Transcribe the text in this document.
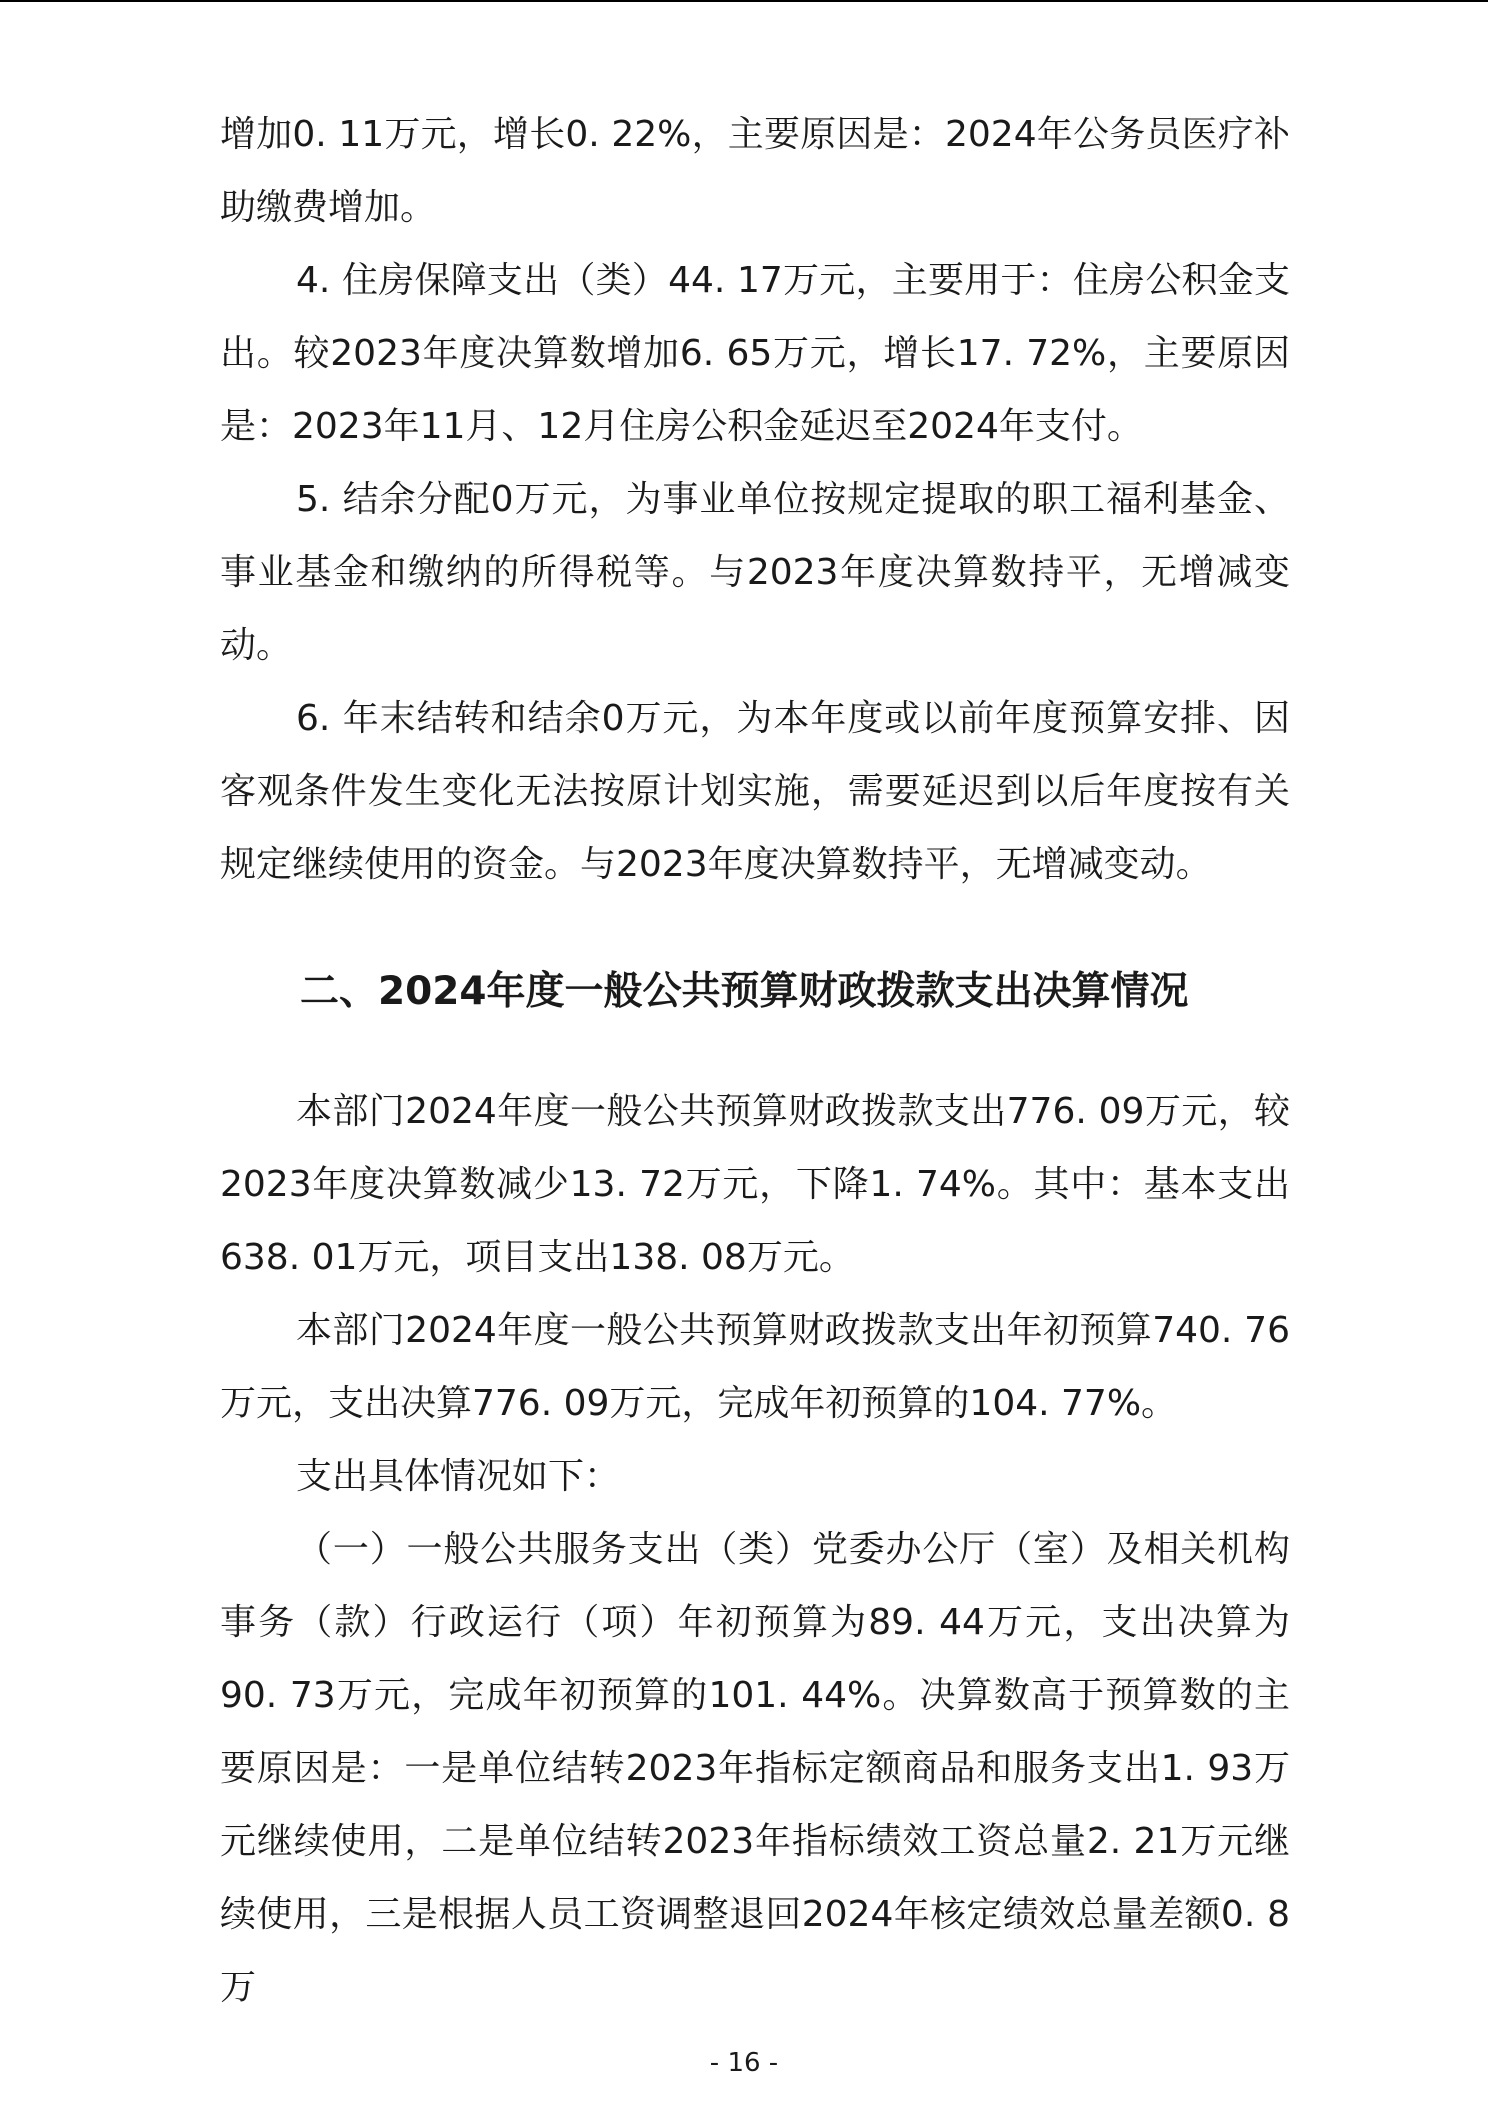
增加0. 11万元，增长0. 22%，主要原因是：2024年公务员医疗补助缴费增加。

4. 住房保障支出（类）44. 17万元，主要用于：住房公积金支出。较2023年度决算数增加6. 65万元，增长17. 72%，主要原因是：2023年11月、12月住房公积金延迟至2024年支付。

5. 结余分配0万元，为事业单位按规定提取的职工福利基金、事业基金和缴纳的所得税等。与2023年度决算数持平，无增减变动。

6. 年末结转和结余0万元，为本年度或以前年度预算安排、因客观条件发生变化无法按原计划实施，需要延迟到以后年度按有关规定继续使用的资金。与2023年度决算数持平，无增减变动。

二、2024年度一般公共预算财政拨款支出决算情况

本部门2024年度一般公共预算财政拨款支出776. 09万元，较2023年度决算数减少13. 72万元，下降1. 74%。其中：基本支出638. 01万元，项目支出138. 08万元。

本部门2024年度一般公共预算财政拨款支出年初预算740. 76万元，支出决算776. 09万元，完成年初预算的104. 77%。

支出具体情况如下：

（一）一般公共服务支出（类）党委办公厅（室）及相关机构事务（款）行政运行（项）年初预算为89. 44万元，支出决算为90. 73万元，完成年初预算的101. 44%。决算数高于预算数的主要原因是：一是单位结转2023年指标定额商品和服务支出1. 93万元继续使用，二是单位结转2023年指标绩效工资总量2. 21万元继续使用，三是根据人员工资调整退回2024年核定绩效总量差额0. 8万

- 16 -
